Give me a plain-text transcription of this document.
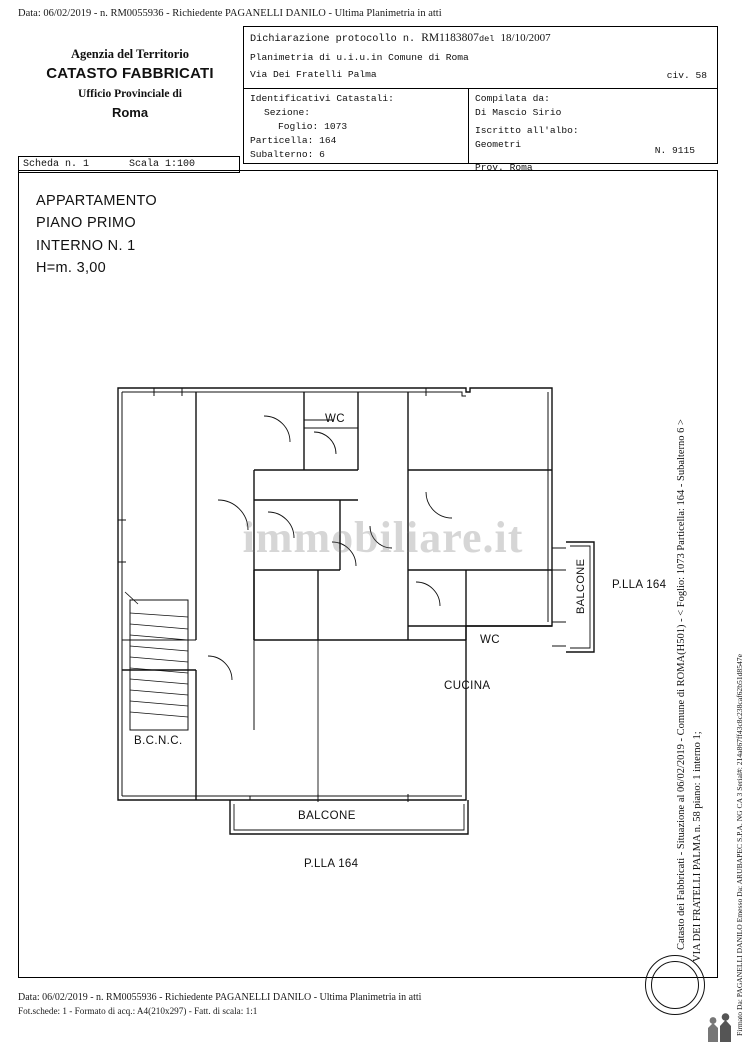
Data: 06/02/2019 - n. RM0055936 - Richiedente PAGANELLI DANILO - Ultima Planimetria in atti
Agenzia del Territorio
CATASTO FABBRICATI
Ufficio Provinciale di
Roma
Scheda n. 1	Scala 1:100
Dichiarazione protocollo n. RM1183807del 18/10/2007
Planimetria di u.i.u.in Comune di Roma
Via Dei Fratelli Palma	civ. 58
Identificativi Catastali:
Sezione:
Foglio: 1073
Particella: 164
Subalterno: 6
Compilata da:
Di Mascio Sirio
Iscritto all'albo:
Geometri
Prov. Roma
N. 9115
APPARTAMENTO
PIANO PRIMO
INTERNO N. 1
H=m. 3,00
WC
WC
CUCINA
B.C.N.C.
BALCONE
BALCONE
P.LLA 164
P.LLA 164
immobiliare.it	Catasto dei Fabbricati - Situazione al 06/02/2019 - Comune di ROMA(H501) - < Foglio: 1073 Particella: 164 - Subalterno 6 > VIA DEI FRATELLI PALMA n. 58 piano: 1 interno 1;	Firmato Da: PAGANELLI DANILO Emesso Da: ARUBAPEC S.P.A. NG CA 3 Serial#: 214a867ff43c8c238caf62b51d8547e
Data: 06/02/2019 - n. RM0055936 - Richiedente PAGANELLI DANILO - Ultima Planimetria in atti
Fot.schede: 1 - Formato di acq.: A4(210x297) - Fatt. di scala: 1:1
